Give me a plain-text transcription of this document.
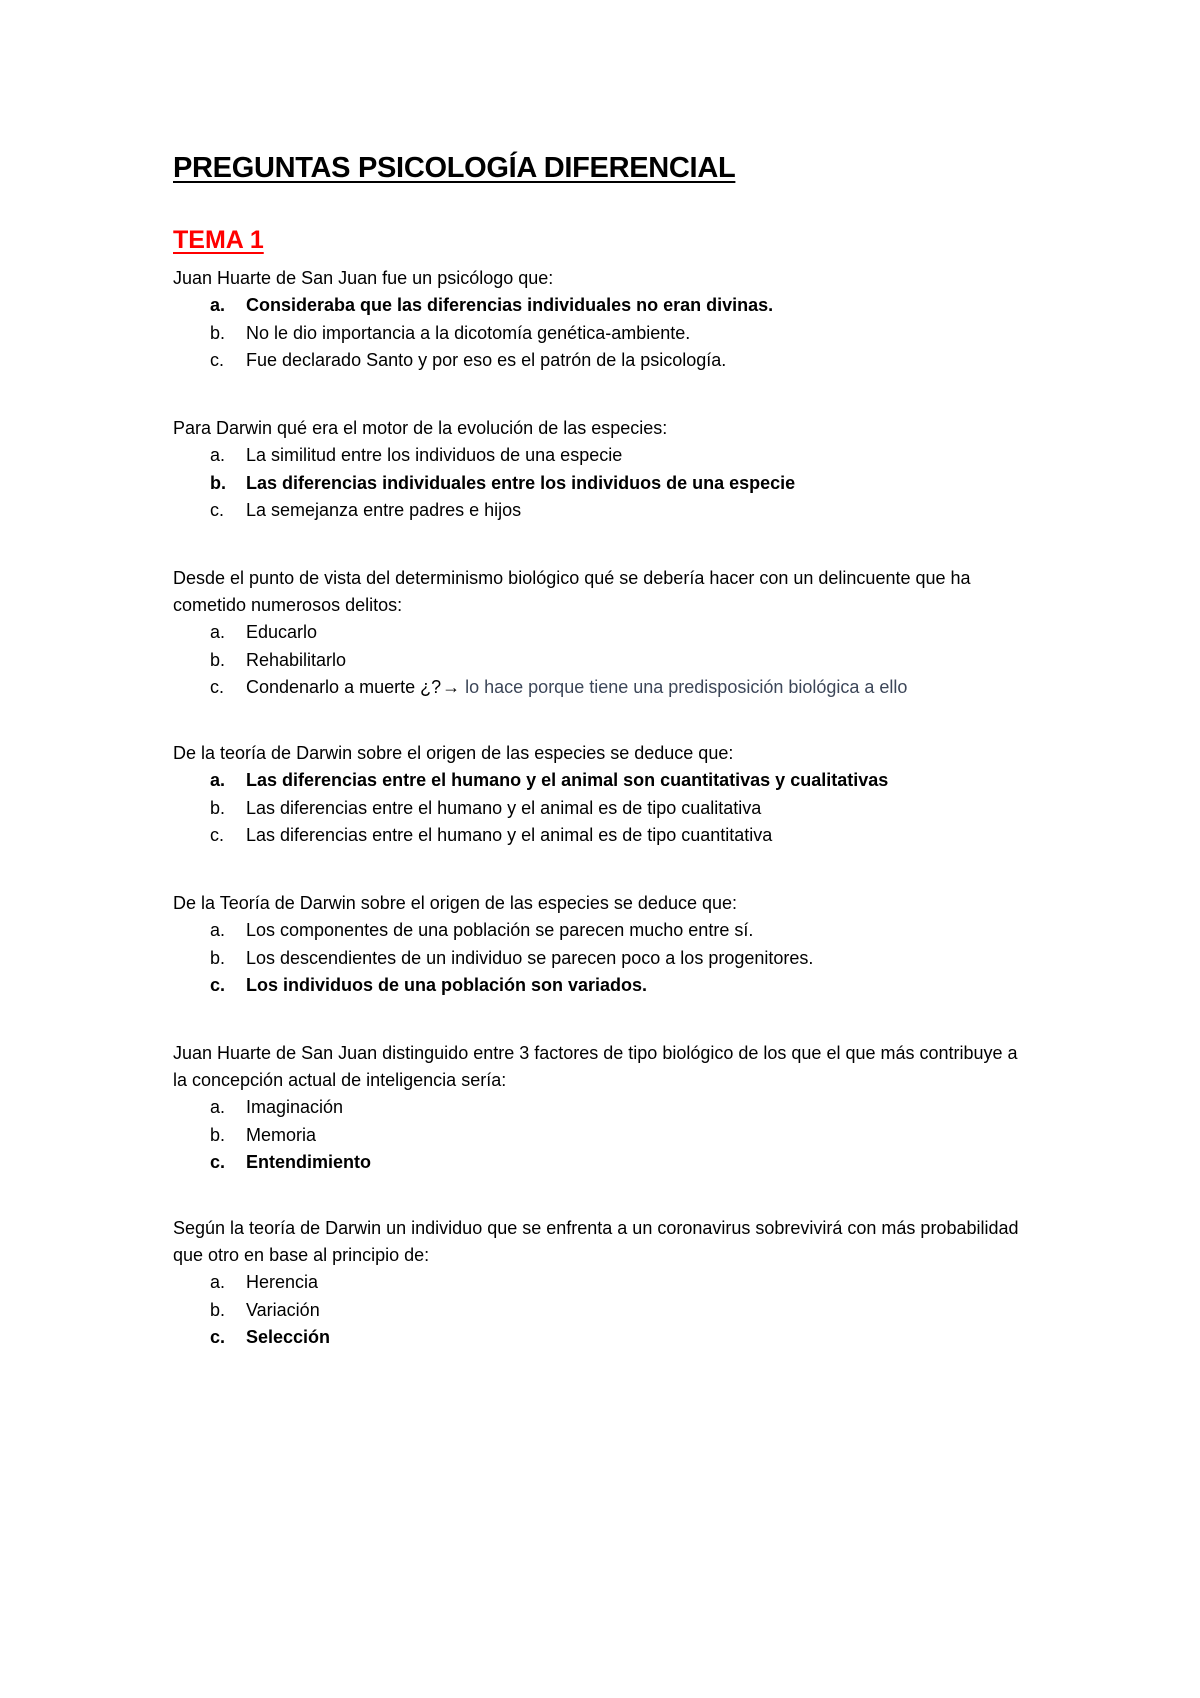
PREGUNTAS PSICOLOGÍA DIFERENCIAL
TEMA 1

Juan Huarte de San Juan fue un psicólogo que:

a. Consideraba que las diferencias individuales no eran divinas.
b. No le dio importancia a la dicotomía genética-ambiente.
c. Fue declarado Santo y por eso es el patrón de la psicología.

Para Darwin qué era el motor de la evolución de las especies:

a. La similitud entre los individuos de una especie
b. Las diferencias individuales entre los individuos de una especie
c. La semejanza entre padres e hijos

Desde el punto de vista del determinismo biológico qué se debería hacer con un delincuente que ha cometido numerosos delitos:

a. Educarlo
b. Rehabilitarlo
c. Condenarlo a muerte ¿?→ lo hace porque tiene una predisposición biológica a ello

De la teoría de Darwin sobre el origen de las especies se deduce que:

a. Las diferencias entre el humano y el animal son cuantitativas y cualitativas
b. Las diferencias entre el humano y el animal es de tipo cualitativa
c. Las diferencias entre el humano y el animal es de tipo cuantitativa

De la Teoría de Darwin sobre el origen de las especies se deduce que:

a. Los componentes de una población se parecen mucho entre sí.
b. Los descendientes de un individuo se parecen poco a los progenitores.
c. Los individuos de una población son variados.

Juan Huarte de San Juan distinguido entre 3 factores de tipo biológico de los que el que más contribuye a la concepción actual de inteligencia sería:

a. Imaginación
b. Memoria
c. Entendimiento

Según la teoría de Darwin un individuo que se enfrenta a un coronavirus sobrevivirá con más probabilidad que otro en base al principio de:

a. Herencia
b. Variación
c. Selección
